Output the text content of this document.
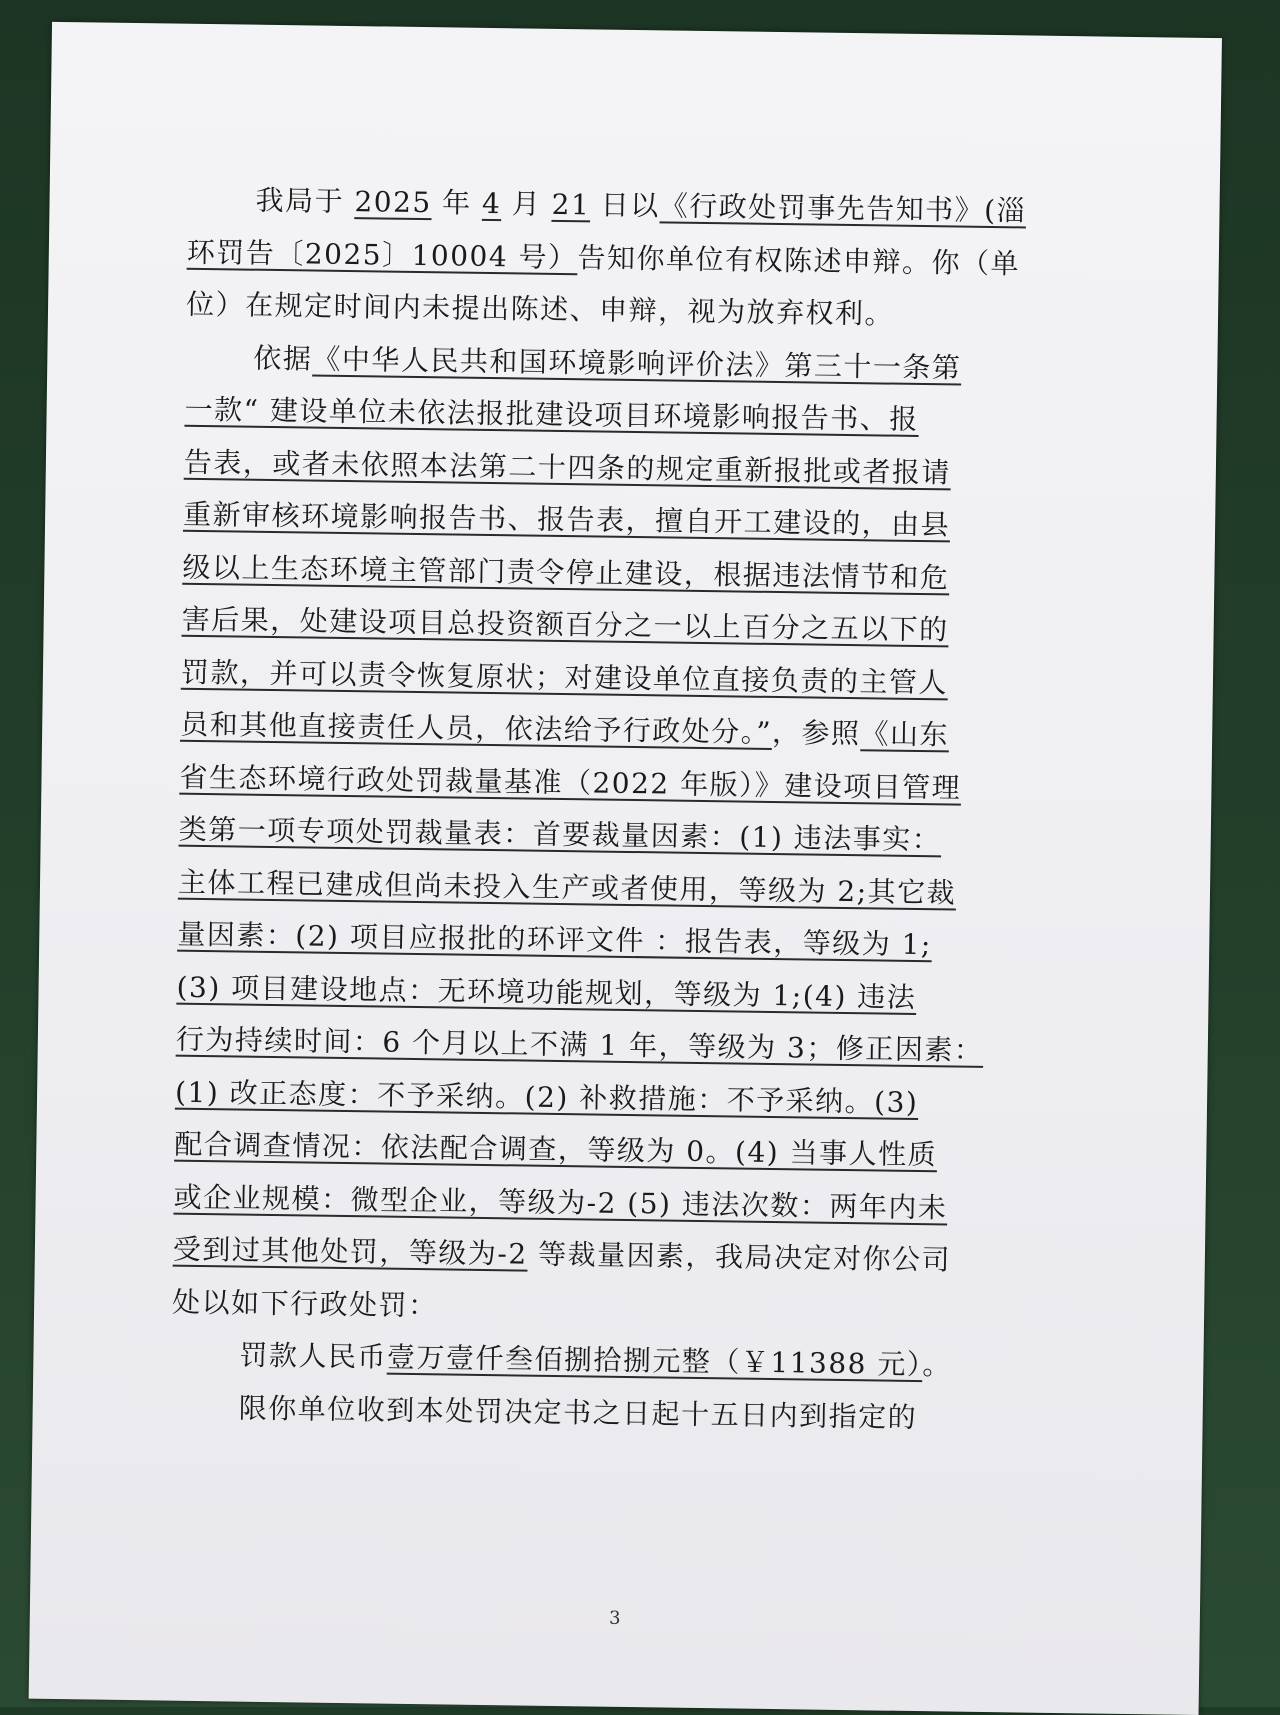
我局于 2025 年 4 月 21 日以《行政处罚事先告知书》(淄
环罚告〔2025〕10004 号）告知你单位有权陈述申辩。你（单
位）在规定时间内未提出陈述、申辩，视为放弃权利。
依据《中华人民共和国环境影响评价法》第三十一条第
一款“ 建设单位未依法报批建设项目环境影响报告书、报
告表，或者未依照本法第二十四条的规定重新报批或者报请
重新审核环境影响报告书、报告表，擅自开工建设的，由县
级以上生态环境主管部门责令停止建设，根据违法情节和危
害后果，处建设项目总投资额百分之一以上百分之五以下的
罚款，并可以责令恢复原状；对建设单位直接负责的主管人
员和其他直接责任人员，依法给予行政处分。”，参照《山东
省生态环境行政处罚裁量基准（2022 年版）》建设项目管理
类第一项专项处罚裁量表：首要裁量因素：(1) 违法事实：
主体工程已建成但尚未投入生产或者使用，等级为 2;其它裁
量因素：(2) 项目应报批的环评文件 ：报告表，等级为 1;
(3) 项目建设地点：无环境功能规划，等级为 1;(4) 违法
行为持续时间：6 个月以上不满 1 年，等级为 3；修正因素：
(1) 改正态度：不予采纳。(2) 补救措施：不予采纳。(3)
配合调查情况：依法配合调查，等级为 0。(4) 当事人性质
或企业规模：微型企业，等级为-2 (5) 违法次数：两年内未
受到过其他处罚，等级为-2 等裁量因素，我局决定对你公司
处以如下行政处罚：
罚款人民币壹万壹仟叁佰捌拾捌元整（￥11388 元）。
限你单位收到本处罚决定书之日起十五日内到指定的
3
